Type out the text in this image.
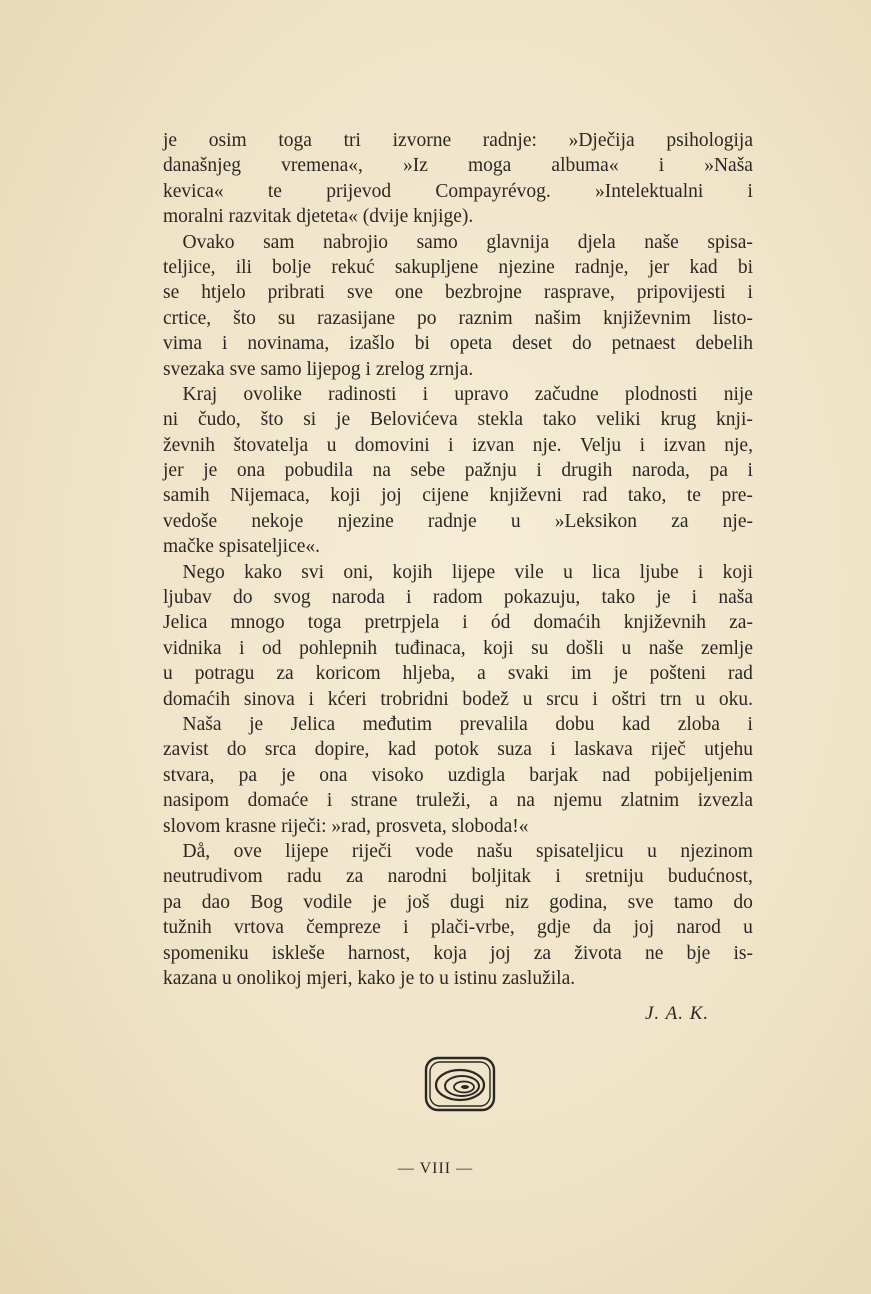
je osim toga tri izvorne radnje: »Dječija psihologija
današnjeg vremena«, »Iz moga albuma« i »Naša
kevica« te prijevod Compayrévog. »Intelektualni i
moralni razvitak djeteta« (dvije knjige).
Ovako sam nabrojio samo glavnija djela naše spisa-
teljice, ili bolje rekuć sakupljene njezine radnje, jer kad bi
se htjelo pribrati sve one bezbrojne rasprave, pripovijesti i
crtice, što su razasijane po raznim našim književnim listo-
vima i novinama, izašlo bi opeta deset do petnaest debelih
svezaka sve samo lijepog i zrelog zrnja.
Kraj ovolike radinosti i upravo začudne plodnosti nije
ni čudo, što si je Belovićeva stekla tako veliki krug knji-
ževnih štovatelja u domovini i izvan nje. Velju i izvan nje,
jer je ona pobudila na sebe pažnju i drugih naroda, pa i
samih Nijemaca, koji joj cijene književni rad tako, te pre-
vedoše nekoje njezine radnje u »Leksikon za nje-
mačke spisateljice«.
Nego kako svi oni, kojih lijepe vile u lica ljube i koji
ljubav do svog naroda i radom pokazuju, tako je i naša
Jelica mnogo toga pretrpjela i ód domaćih književnih za-
vidnika i od pohlepnih tuđinaca, koji su došli u naše zemlje
u potragu za koricom hljeba, a svaki im je pošteni rad
domaćih sinova i kćeri trobridni bodež u srcu i oštri trn u oku.
Naša je Jelica međutim prevalila dobu kad zloba i
zavist do srca dopire, kad potok suza i laskava riječ utjehu
stvara, pa je ona visoko uzdigla barjak nad pobijeljenim
nasipom domaće i strane truleži, a na njemu zlatnim izvezla
slovom krasne riječi: »rad, prosveta, sloboda!«
Då, ove lijepe riječi vode našu spisateljicu u njezinom
neutrudivom radu za narodni boljitak i sretniju budućnost,
pa dao Bog vodile je još dugi niz godina, sve tamo do
tužnih vrtova čempreze i plači-vrbe, gdje da joj narod u
spomeniku iskleše harnost, koja joj za života ne bje is-
kazana u onolikoj mjeri, kako je to u istinu zaslužila.
J. A. K.
— VIII —
